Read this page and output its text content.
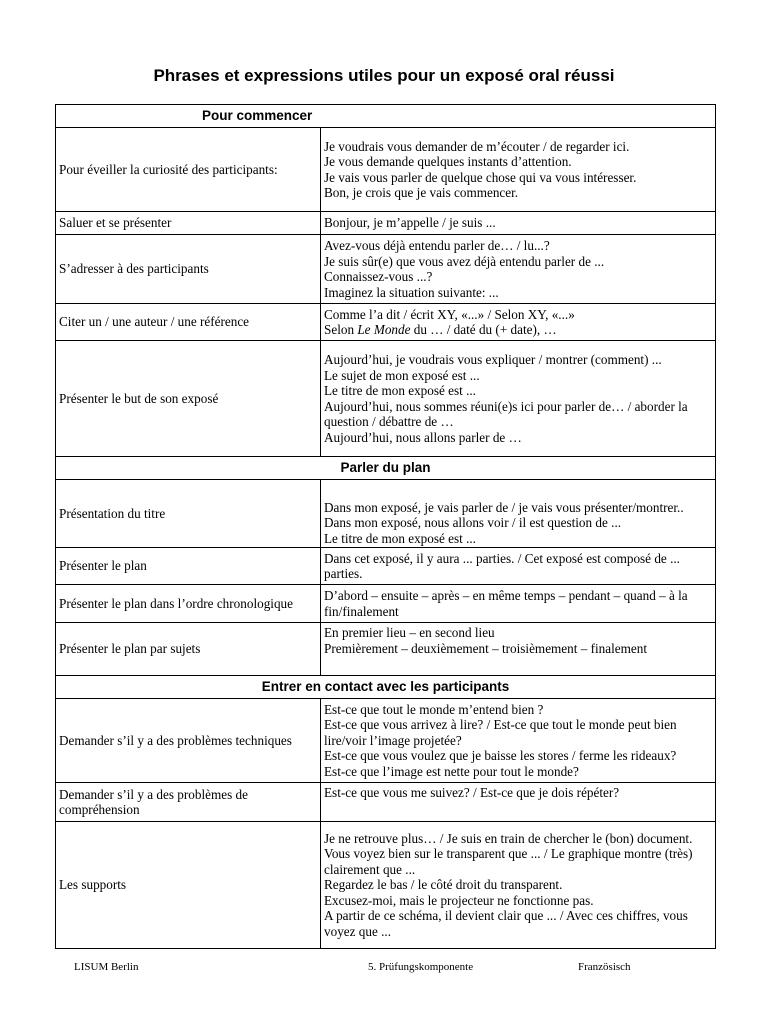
Phrases et expressions utiles pour un exposé oral réussi
Pour commencer	
Pour éveiller la curiosité des participants:	Je voudrais vous demander de m’écouter / de regarder ici.
Je vous demande quelques instants d’attention.
Je vais vous parler de quelque chose qui va vous intéresser.
Bon, je crois que je vais commencer.

Saluer et se présenter	Bonjour, je m’appelle / je suis ...

S’adresser à des participants	Avez-vous déjà entendu parler de… / lu...?
Je suis sûr(e) que vous avez déjà entendu parler de ...
Connaissez-vous ...?
Imaginez la situation suivante: ...

Citer un / une auteur / une référence	Comme l’a dit / écrit XY, «...» / Selon XY, «...»
Selon Le Monde du … / daté du (+ date), …

Présenter le but de son exposé	Aujourd’hui, je voudrais vous expliquer / montrer (comment) ...
Le sujet de mon exposé est ...
Le titre de mon exposé est ...
Aujourd’hui, nous sommes réuni(e)s ici pour parler de… / aborder la question / débattre de …
Aujourd’hui, nous allons parler de …

Parler du plan	
Présentation du titre	Dans mon exposé, je vais parler de / je vais vous présenter/montrer..
Dans mon exposé, nous allons voir / il est question de ...
Le titre de mon exposé est ...

Présenter le plan	Dans cet exposé, il y aura ... parties. / Cet exposé est composé de ... parties.

Présenter le plan dans l’ordre chronologique	D’abord – ensuite – après – en même temps – pendant – quand – à la fin/finalement

Présenter le plan par sujets	En premier lieu – en second lieu
Premièrement – deuxièmement – troisièmement – finalement

Entrer en contact avec les participants	
Demander s’il y a des problèmes techniques	Est-ce que tout le monde m’entend bien ?
Est-ce que vous arrivez à lire? / Est-ce que tout le monde peut bien lire/voir l’image projetée?
Est-ce que vous voulez que je baisse les stores / ferme les rideaux?
Est-ce que l’image est nette pour tout le monde?

Demander s’il y a des problèmes de compréhension	Est-ce que vous me suivez? / Est-ce que je dois répéter?

Les supports	Je ne retrouve plus… / Je suis en train de chercher le (bon) document.
Vous voyez bien sur le transparent que ... / Le graphique montre (très) clairement que ...
Regardez le bas / le côté droit du transparent.
Excusez-moi, mais le projecteur ne fonctionne pas.
A partir de ce schéma, il devient clair que ... / Avec ces chiffres, vous voyez que ...
LISUM Berlin	5. Prüfungskomponente	Französisch
